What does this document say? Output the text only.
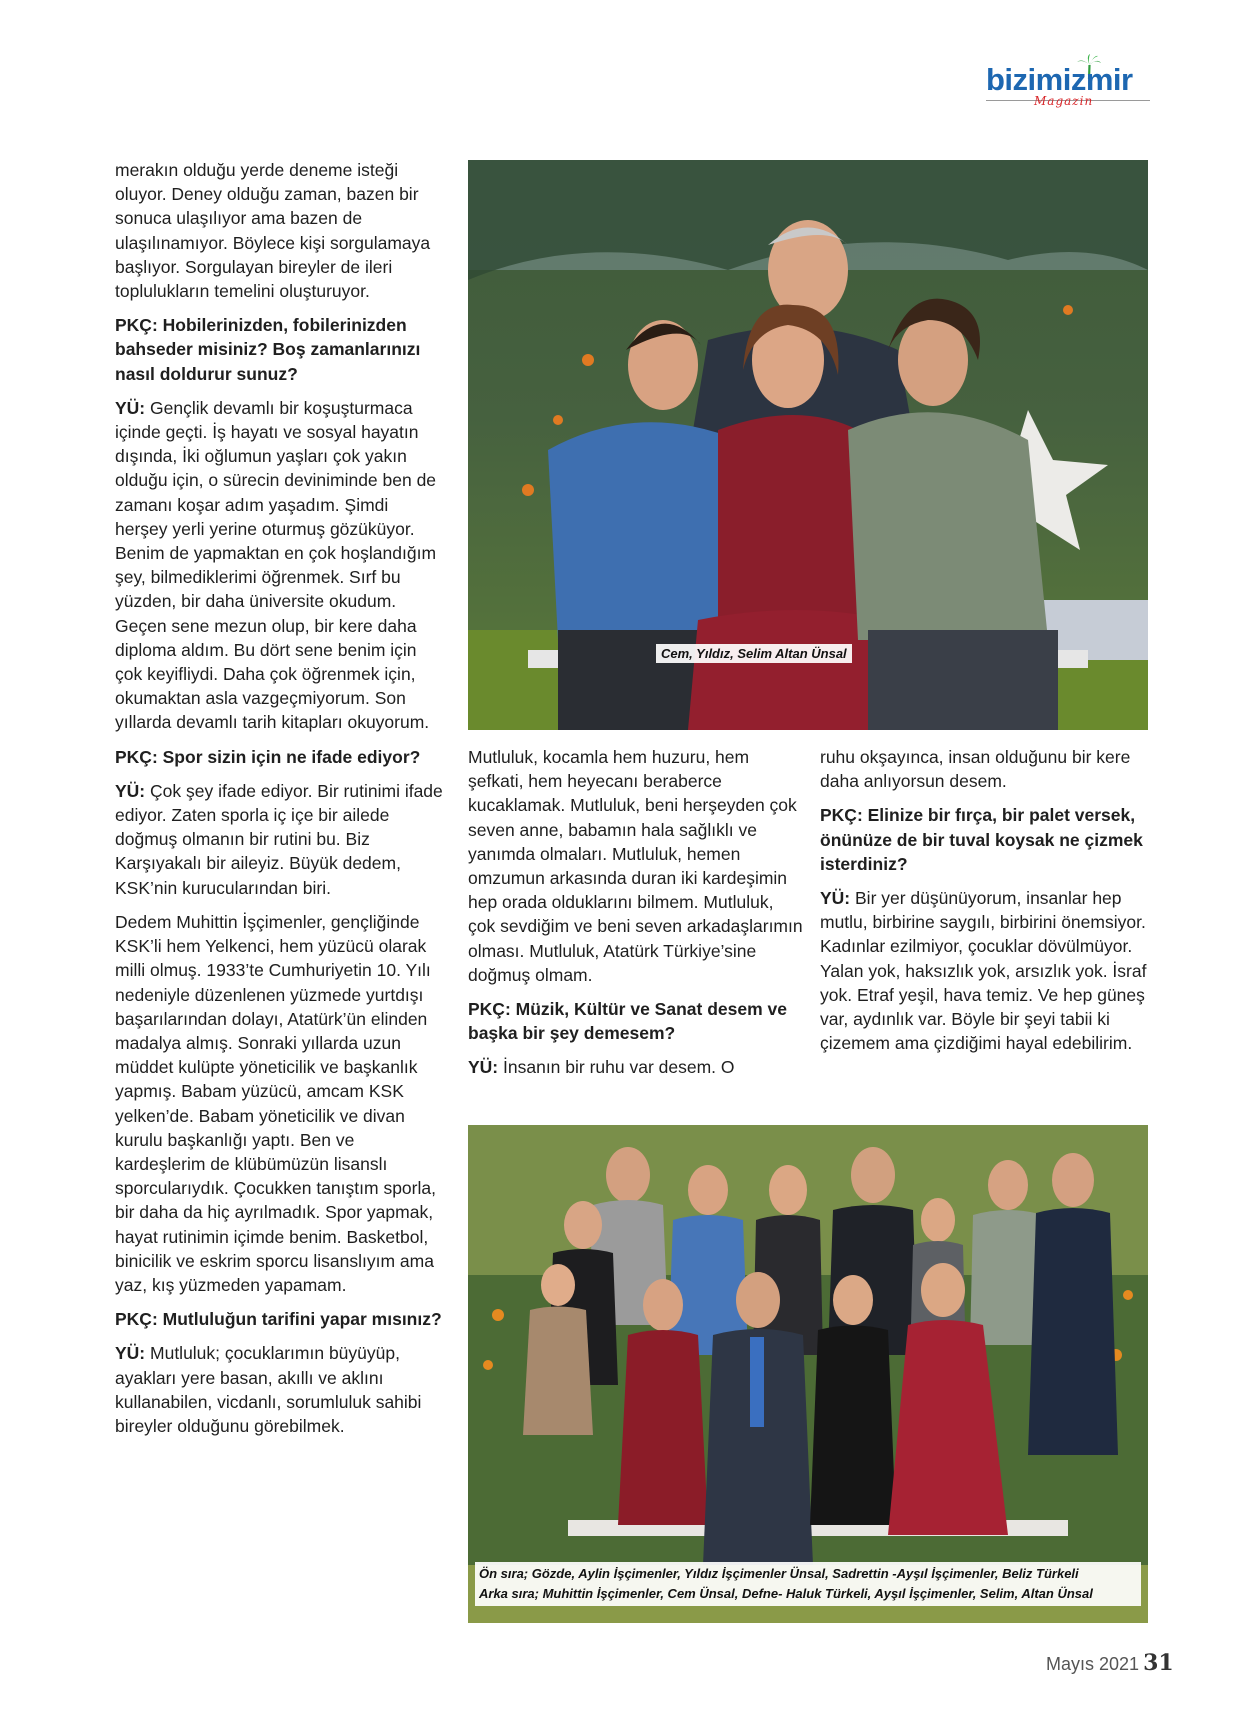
bizimizmir
Magazin

merakın olduğu yerde deneme isteği oluyor. Deney olduğu zaman, bazen bir sonuca ulaşılıyor ama bazen de ulaşılınamıyor. Böylece kişi sorgulamaya başlıyor. Sorgulayan bireyler de ileri toplulukların temelini oluşturuyor.

PKÇ: Hobilerinizden, fobilerinizden bahseder misiniz? Boş zamanlarınızı nasıl doldurur sunuz?

YÜ: Gençlik devamlı bir koşuşturmaca içinde geçti. İş hayatı ve sosyal hayatın dışında, İki oğlumun yaşları çok yakın olduğu için, o sürecin deviniminde ben de zamanı koşar adım yaşadım. Şimdi herşey yerli yerine oturmuş gözüküyor. Benim de yapmaktan en çok hoşlandığım şey, bilmediklerimi öğrenmek. Sırf bu yüzden, bir daha üniversite okudum. Geçen sene mezun olup, bir kere daha diploma aldım. Bu dört sene benim için çok keyifliydi. Daha çok öğrenmek için, okumaktan asla vazgeçmiyorum. Son yıllarda devamlı tarih kitapları okuyorum.

PKÇ: Spor sizin için ne ifade ediyor?

YÜ: Çok şey ifade ediyor. Bir rutinimi ifade ediyor. Zaten sporla iç içe bir ailede doğmuş olmanın bir rutini bu. Biz Karşıyakalı bir aileyiz. Büyük dedem, KSK’nin kurucularından biri.

Dedem Muhittin İşçimenler, gençliğinde KSK’li hem Yelkenci, hem yüzücü olarak milli olmuş. 1933’te Cumhuriyetin 10. Yılı nedeniyle düzenlenen yüzmede yurtdışı başarılarından dolayı, Atatürk’ün elinden madalya almış. Sonraki yıllarda uzun müddet kulüpte yöneticilik ve başkanlık yapmış. Babam yüzücü, amcam KSK yelken’de. Babam yöneticilik ve divan kurulu başkanlığı yaptı. Ben ve kardeşlerim de klübümüzün lisanslı sporcularıydık. Çocukken tanıştım sporla, bir daha da hiç ayrılmadık. Spor yapmak, hayat rutinimin içimde benim. Basketbol, binicilik ve eskrim sporcu lisanslıyım ama yaz, kış yüzmeden yapamam.

PKÇ: Mutluluğun tarifini yapar mısınız?

YÜ: Mutluluk; çocuklarımın büyüyüp, ayakları yere basan, akıllı ve aklını kullanabilen, vicdanlı, sorumluluk sahibi bireyler olduğunu görebilmek.

Mutluluk, kocamla hem huzuru, hem şefkati, hem heyecanı beraberce kucaklamak. Mutluluk, beni herşeyden çok seven anne, babamın hala sağlıklı ve yanımda olmaları. Mutluluk, hemen omzumun arkasında duran iki kardeşimin hep orada olduklarını bilmem. Mutluluk, çok sevdiğim ve beni seven arkadaşlarımın olması. Mutluluk, Atatürk Türkiye’sine doğmuş olmam.

PKÇ: Müzik, Kültür ve Sanat desem ve başka bir şey demesem?

YÜ: İnsanın bir ruhu var desem. O

ruhu okşayınca, insan olduğunu bir kere daha anlıyorsun desem.

PKÇ: Elinize bir fırça, bir palet versek, önünüze de bir tuval koysak ne çizmek isterdiniz?

YÜ: Bir yer düşünüyorum, insanlar hep mutlu, birbirine saygılı, birbirini önemsiyor. Kadınlar ezilmiyor, çocuklar dövülmüyor. Yalan yok, haksızlık yok, arsızlık yok. İsraf yok. Etraf yeşil, hava temiz. Ve hep güneş var, aydınlık var. Böyle bir şeyi tabii ki çizemem ama çizdiğimi hayal edebilirim.

Cem, Yıldız, Selim Altan Ünsal
Ön sıra; Gözde, Aylin İşçimenler, Yıldız İşçimenler Ünsal, Sadrettin -Ayşıl İşçimenler, Beliz Türkeli
Arka sıra; Muhittin İşçimenler, Cem Ünsal, Defne- Haluk Türkeli, Ayşıl İşçimenler, Selim, Altan Ünsal
Mayıs 2021 31
